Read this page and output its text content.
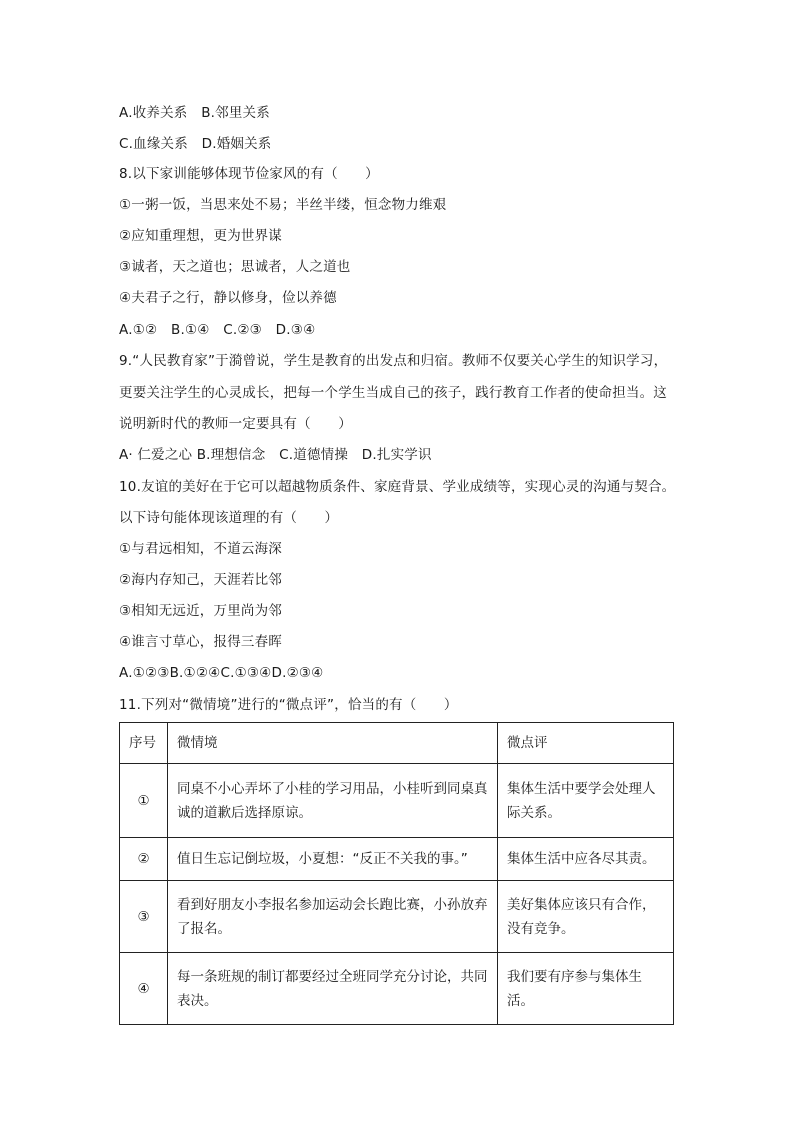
A.收养关系　B.邻里关系
C.血缘关系　D.婚姻关系
8.以下家训能够体现节俭家风的有（　　）
①一粥一饭，当思来处不易；半丝半缕，恒念物力维艰
②应知重理想，更为世界谋
③诚者，天之道也；思诚者，人之道也
④夫君子之行，静以修身，俭以养德
A.①②　B.①④　C.②③　D.③④
9.“人民教育家”于漪曾说，学生是教育的出发点和归宿。教师不仅要关心学生的知识学习，
更要关注学生的心灵成长，把每一个学生当成自己的孩子，践行教育工作者的使命担当。这
说明新时代的教师一定要具有（　　）
A· 仁爱之心 B.理想信念　C.道德情操　D.扎实学识
10.友谊的美好在于它可以超越物质条件、家庭背景、学业成绩等，实现心灵的沟通与契合。
以下诗句能体现该道理的有（　　）
①与君远相知，不道云海深
②海内存知己，天涯若比邻
③相知无远近，万里尚为邻
④谁言寸草心，报得三春晖
A.①②③B.①②④C.①③④D.②③④
11.下列对“微情境”进行的“微点评”，恰当的有（　　）
序号	微情境	微点评
①	同桌不小心弄坏了小桂的学习用品，小桂听到同桌真诚的道歉后选择原谅。	集体生活中要学会处理人际关系。
②	值日生忘记倒垃圾，小夏想：“反正不关我的事。”	集体生活中应各尽其责。
③	看到好朋友小李报名参加运动会长跑比赛，小孙放弃了报名。	美好集体应该只有合作，没有竞争。
④	每一条班规的制订都要经过全班同学充分讨论，共同表决。	我们要有序参与集体生活。
